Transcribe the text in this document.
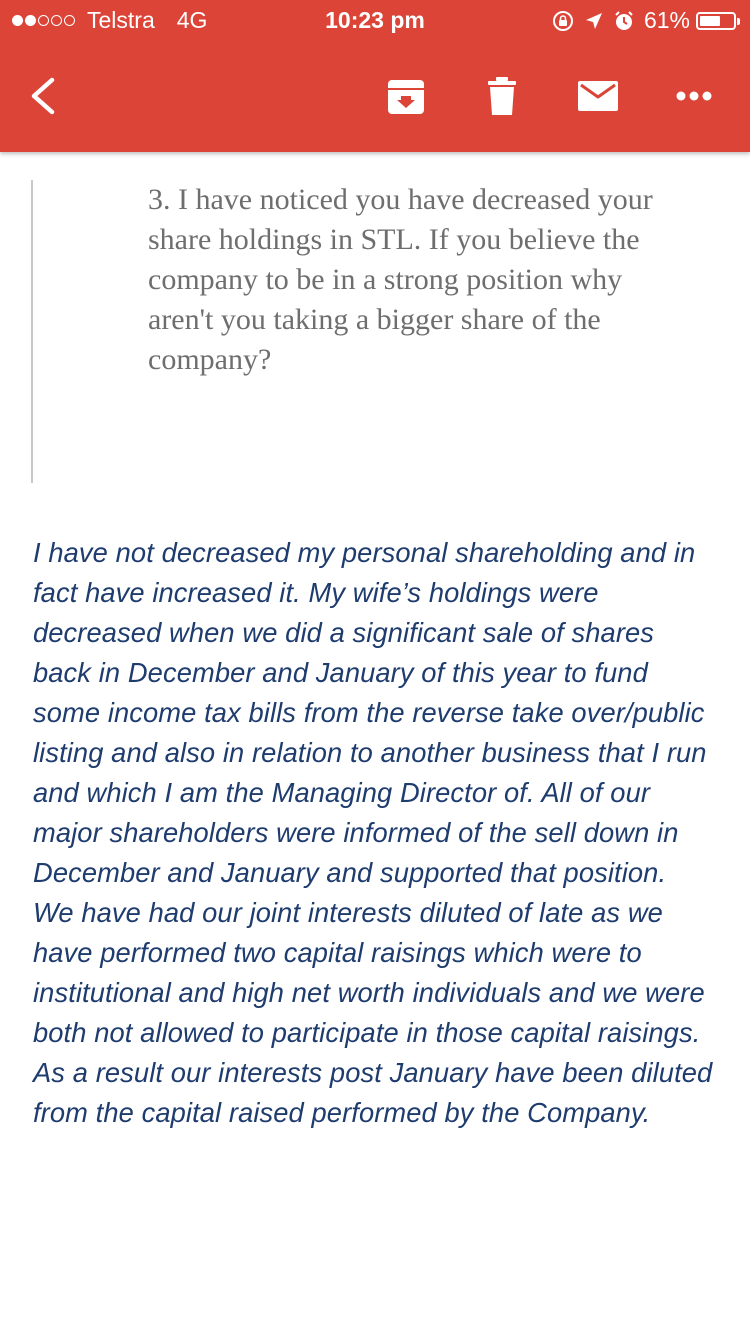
Telstra 4G	10:23 pm	61%

3. I have noticed you have decreased your share holdings in STL. If you believe the company to be in a strong position why aren't you taking a bigger share of the company?

I have not decreased my personal shareholding and in fact have increased it. My wife’s holdings were decreased when we did a significant sale of shares back in December and January of this year to fund some income tax bills from the reverse take over/public listing and also in relation to another business that I run and which I am the Managing Director of. All of our major shareholders were informed of the sell down in December and January and supported that position. We have had our joint interests diluted of late as we have performed two capital raisings which were to institutional and high net worth individuals and we were both not allowed to participate in those capital raisings. As a result our interests post January have been diluted from the capital raised performed by the Company.
